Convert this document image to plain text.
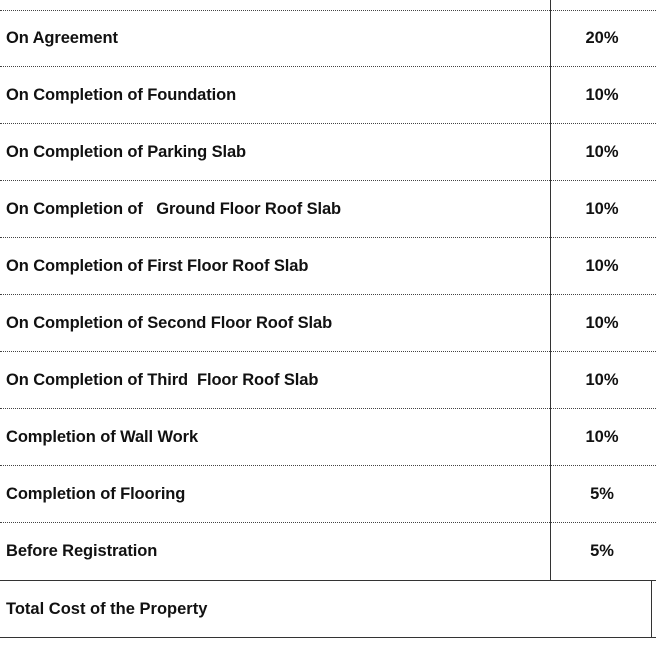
On Agreement	20%
On Completion of Foundation	10%
On Completion of Parking Slab	10%
On Completion of   Ground Floor Roof Slab	10%
On Completion of First Floor Roof Slab	10%
On Completion of Second Floor Roof Slab	10%
On Completion of Third  Floor Roof Slab	10%
Completion of Wall Work	10%
Completion of Flooring	5%
Before Registration	5%
Total Cost of the Property
